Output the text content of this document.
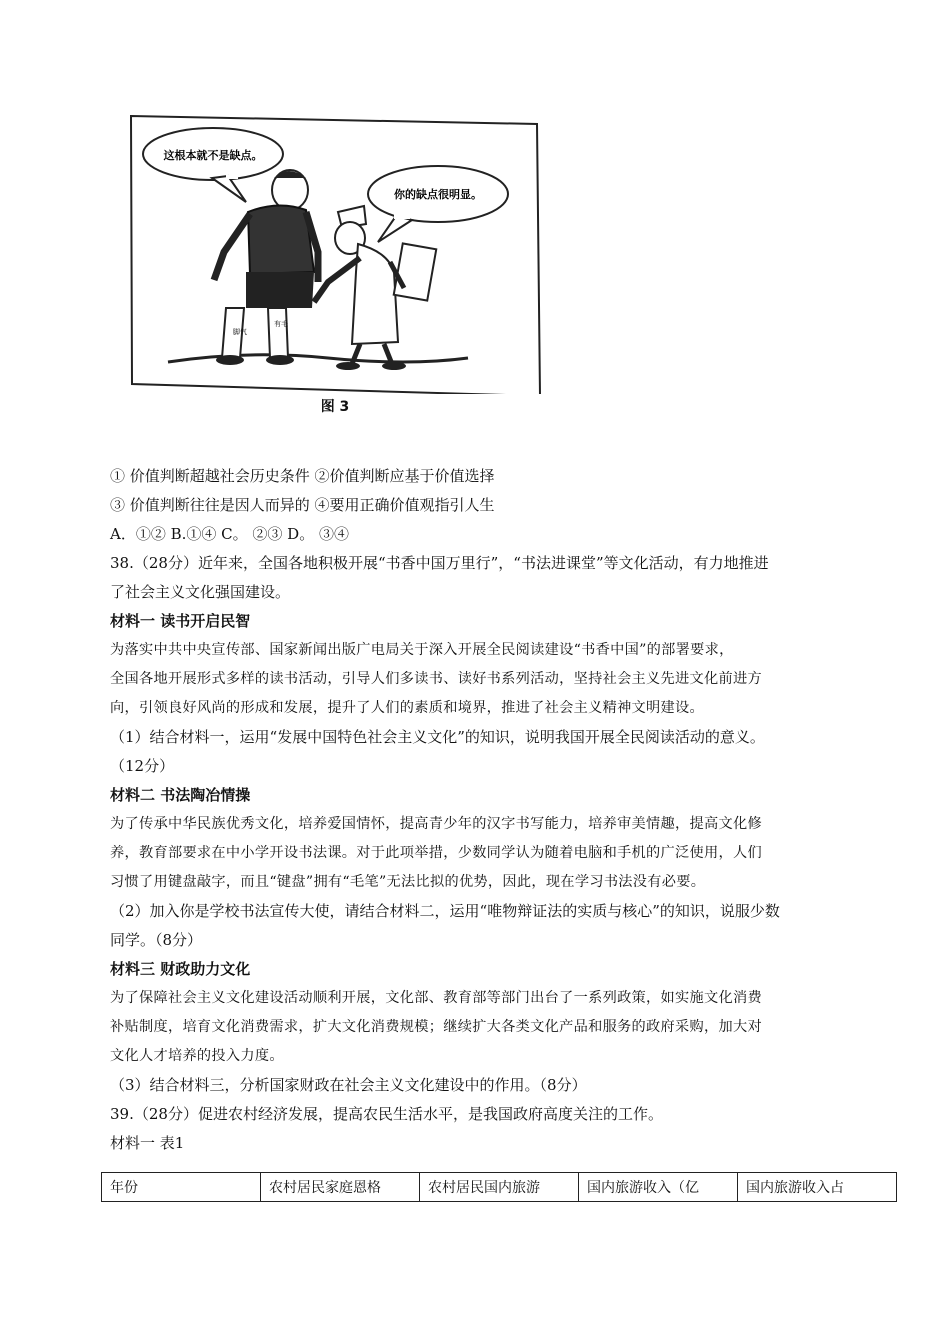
这根本就不是缺点。
你的缺点很明显。
脚气
有毛
图 3
① 价值判断超越社会历史条件 ②价值判断应基于价值选择
③ 价值判断往往是因人而异的 ④要用正确价值观指引人生
A．①② B.①④ C。 ②③ D。 ③④
38.（28分）近年来，全国各地积极开展“书香中国万里行”，“书法进课堂”等文化活动，有力地推进
了社会主义文化强国建设。
材料一 读书开启民智
为落实中共中央宣传部、国家新闻出版广电局关于深入开展全民阅读建设“书香中国”的部署要求，
全国各地开展形式多样的读书活动，引导人们多读书、读好书系列活动，坚持社会主义先进文化前进方
向，引领良好风尚的形成和发展，提升了人们的素质和境界，推进了社会主义精神文明建设。
（1）结合材料一，运用“发展中国特色社会主义文化”的知识，说明我国开展全民阅读活动的意义。
（12分）
材料二 书法陶冶情操
为了传承中华民族优秀文化，培养爱国情怀，提高青少年的汉字书写能力，培养审美情趣，提高文化修
养，教育部要求在中小学开设书法课。对于此项举措，少数同学认为随着电脑和手机的广泛使用，人们
习惯了用键盘敲字，而且“键盘”拥有“毛笔”无法比拟的优势，因此，现在学习书法没有必要。
（2）加入你是学校书法宣传大使，请结合材料二，运用“唯物辩证法的实质与核心”的知识，说服少数
同学。（8分）
材料三 财政助力文化
为了保障社会主义文化建设活动顺利开展，文化部、教育部等部门出台了一系列政策，如实施文化消费
补贴制度，培育文化消费需求，扩大文化消费规模；继续扩大各类文化产品和服务的政府采购，加大对
文化人才培养的投入力度。
（3）结合材料三，分析国家财政在社会主义文化建设中的作用。（8分）
39.（28分）促进农村经济发展，提高农民生活水平，是我国政府高度关注的工作。
材料一 表1
年份	农村居民家庭恩格	农村居民国内旅游	国内旅游收入（亿	国内旅游收入占
